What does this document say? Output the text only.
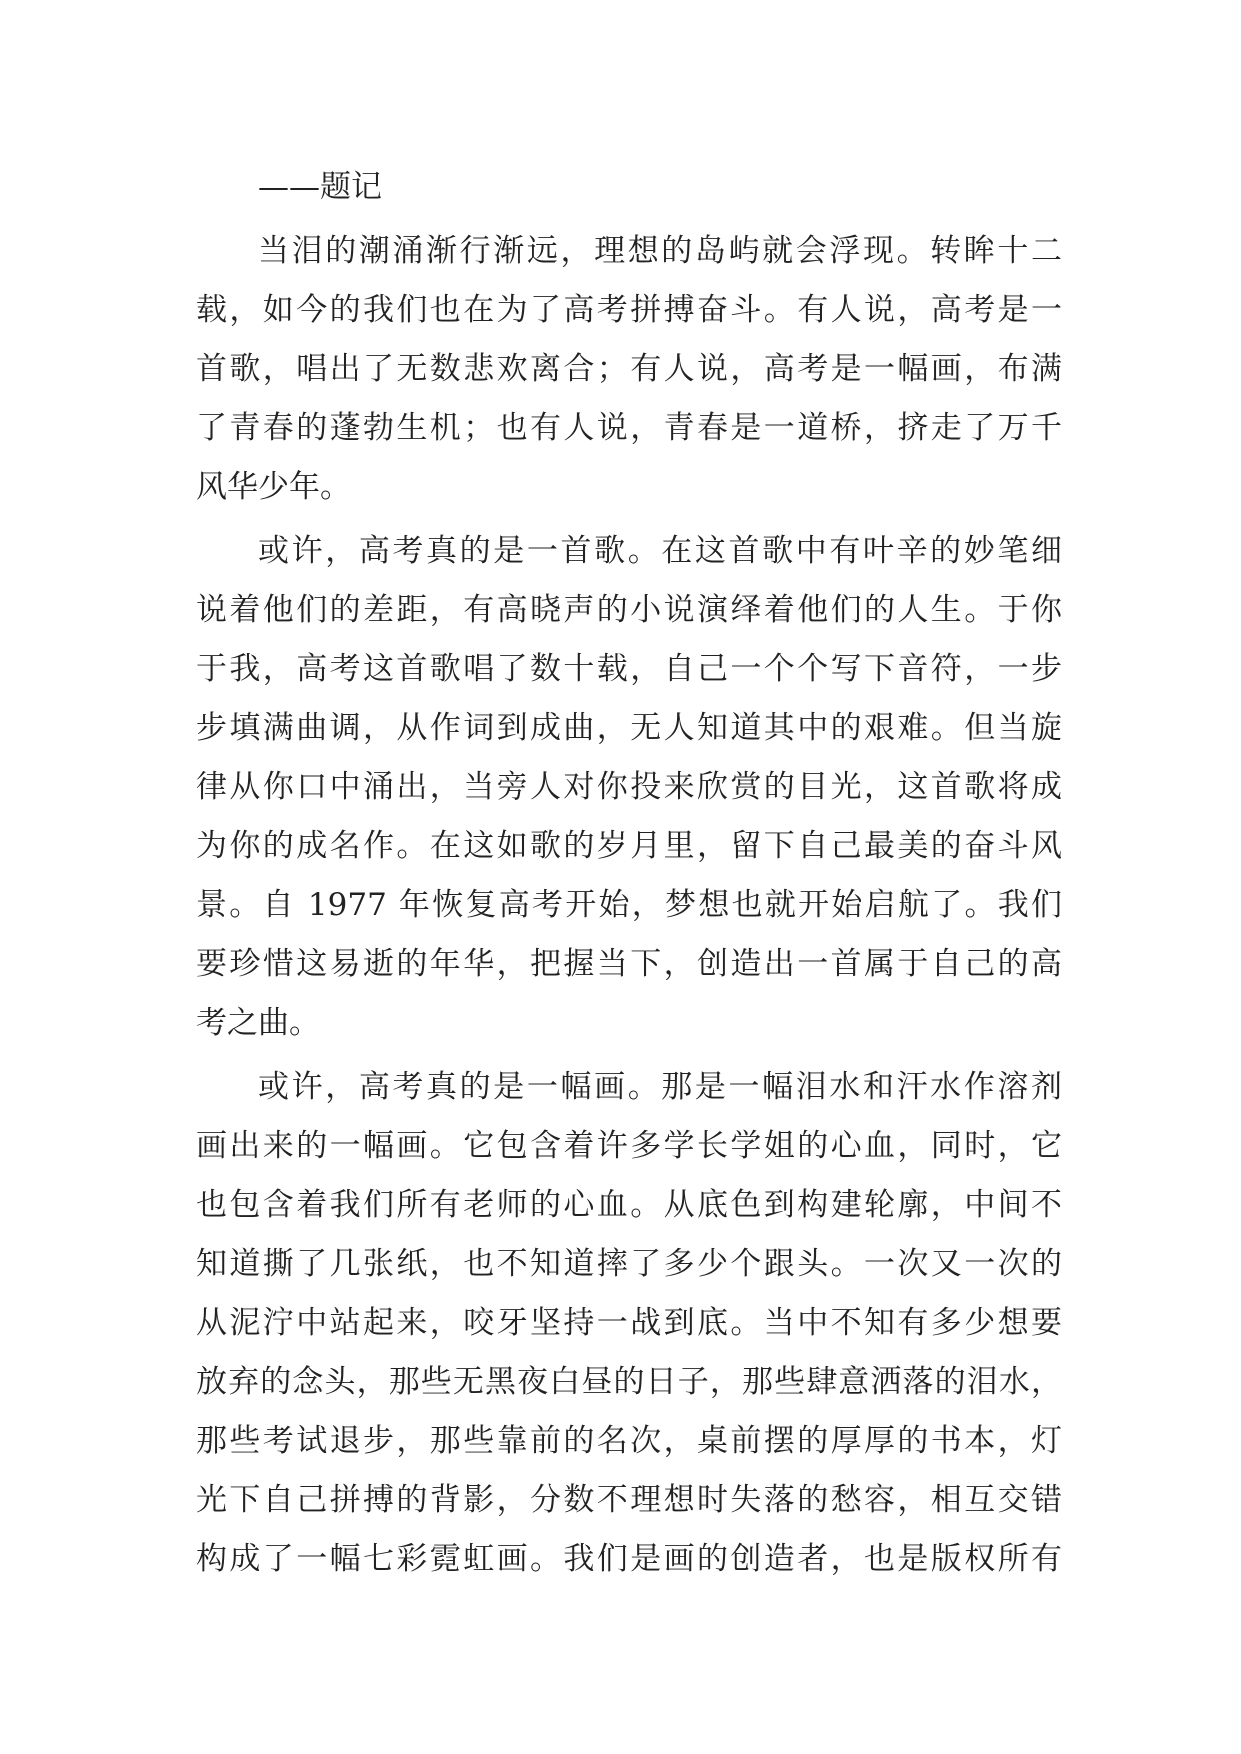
——题记
当泪的潮涌渐行渐远，理想的岛屿就会浮现。转眸十二
载，如今的我们也在为了高考拼搏奋斗。有人说，高考是一
首歌，唱出了无数悲欢离合；有人说，高考是一幅画，布满
了青春的蓬勃生机；也有人说，青春是一道桥，挤走了万千
风华少年。
或许，高考真的是一首歌。在这首歌中有叶辛的妙笔细
说着他们的差距，有高晓声的小说演绎着他们的人生。于你
于我，高考这首歌唱了数十载，自己一个个写下音符，一步
步填满曲调，从作词到成曲，无人知道其中的艰难。但当旋
律从你口中涌出，当旁人对你投来欣赏的目光，这首歌将成
为你的成名作。在这如歌的岁月里，留下自己最美的奋斗风
景。自 1977 年恢复高考开始，梦想也就开始启航了。我们
要珍惜这易逝的年华，把握当下，创造出一首属于自己的高
考之曲。
或许，高考真的是一幅画。那是一幅泪水和汗水作溶剂
画出来的一幅画。它包含着许多学长学姐的心血，同时，它
也包含着我们所有老师的心血。从底色到构建轮廓，中间不
知道撕了几张纸，也不知道摔了多少个跟头。一次又一次的
从泥泞中站起来，咬牙坚持一战到底。当中不知有多少想要
放弃的念头，那些无黑夜白昼的日子，那些肆意洒落的泪水，
那些考试退步，那些靠前的名次，桌前摆的厚厚的书本，灯
光下自己拼搏的背影，分数不理想时失落的愁容，相互交错
构成了一幅七彩霓虹画。我们是画的创造者，也是版权所有
